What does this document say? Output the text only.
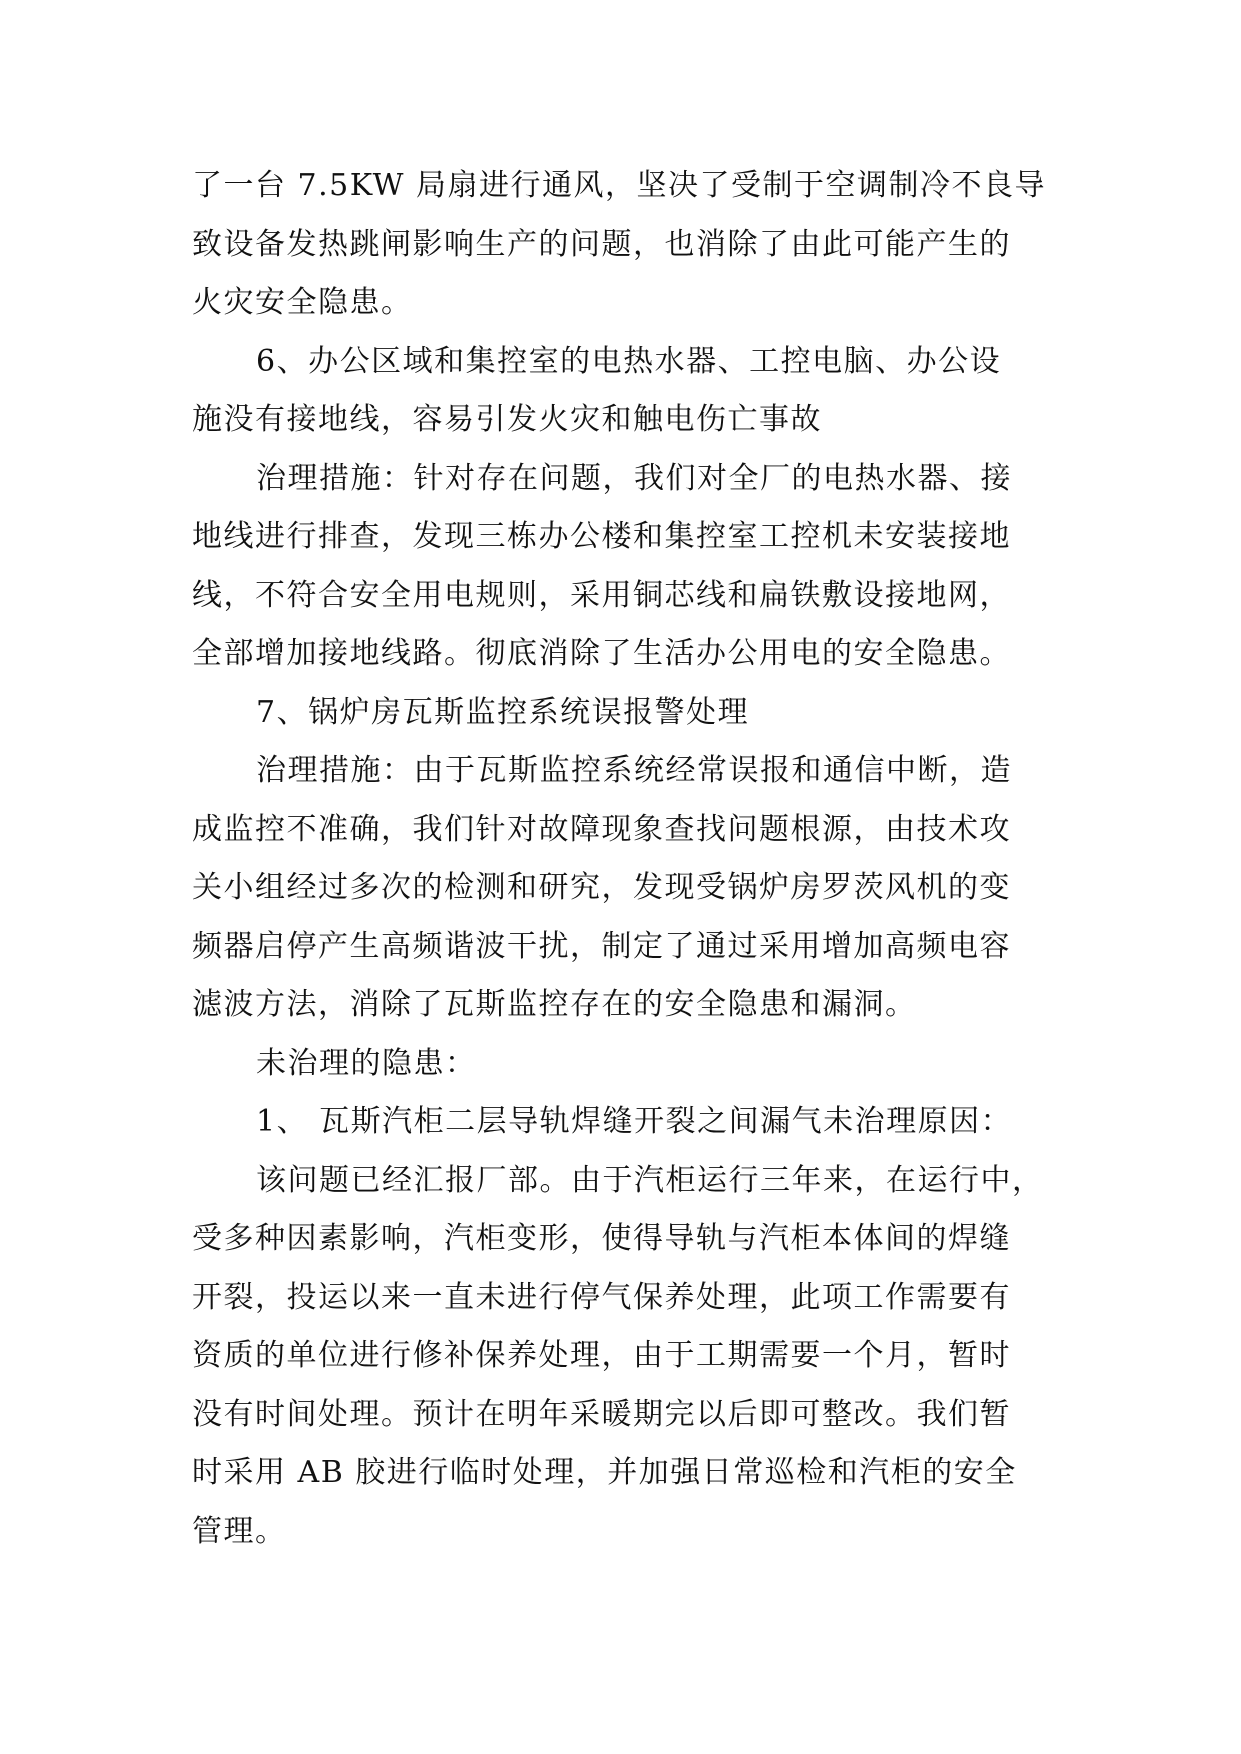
了一台 7.5KW 局扇进行通风，坚决了受制于空调制冷不良导
致设备发热跳闸影响生产的问题，也消除了由此可能产生的
火灾安全隐患。
6、办公区域和集控室的电热水器、工控电脑、办公设
施没有接地线，容易引发火灾和触电伤亡事故
治理措施：针对存在问题，我们对全厂的电热水器、接
地线进行排查，发现三栋办公楼和集控室工控机未安装接地
线，不符合安全用电规则，采用铜芯线和扁铁敷设接地网，
全部增加接地线路。彻底消除了生活办公用电的安全隐患。
7、锅炉房瓦斯监控系统误报警处理
治理措施：由于瓦斯监控系统经常误报和通信中断，造
成监控不准确，我们针对故障现象查找问题根源，由技术攻
关小组经过多次的检测和研究，发现受锅炉房罗茨风机的变
频器启停产生高频谐波干扰，制定了通过采用增加高频电容
滤波方法，消除了瓦斯监控存在的安全隐患和漏洞。
未治理的隐患：
1、 瓦斯汽柜二层导轨焊缝开裂之间漏气未治理原因：
该问题已经汇报厂部。由于汽柜运行三年来，在运行中，
受多种因素影响，汽柜变形，使得导轨与汽柜本体间的焊缝
开裂，投运以来一直未进行停气保养处理，此项工作需要有
资质的单位进行修补保养处理，由于工期需要一个月，暂时
没有时间处理。预计在明年采暖期完以后即可整改。我们暂
时采用 AB 胶进行临时处理，并加强日常巡检和汽柜的安全
管理。
